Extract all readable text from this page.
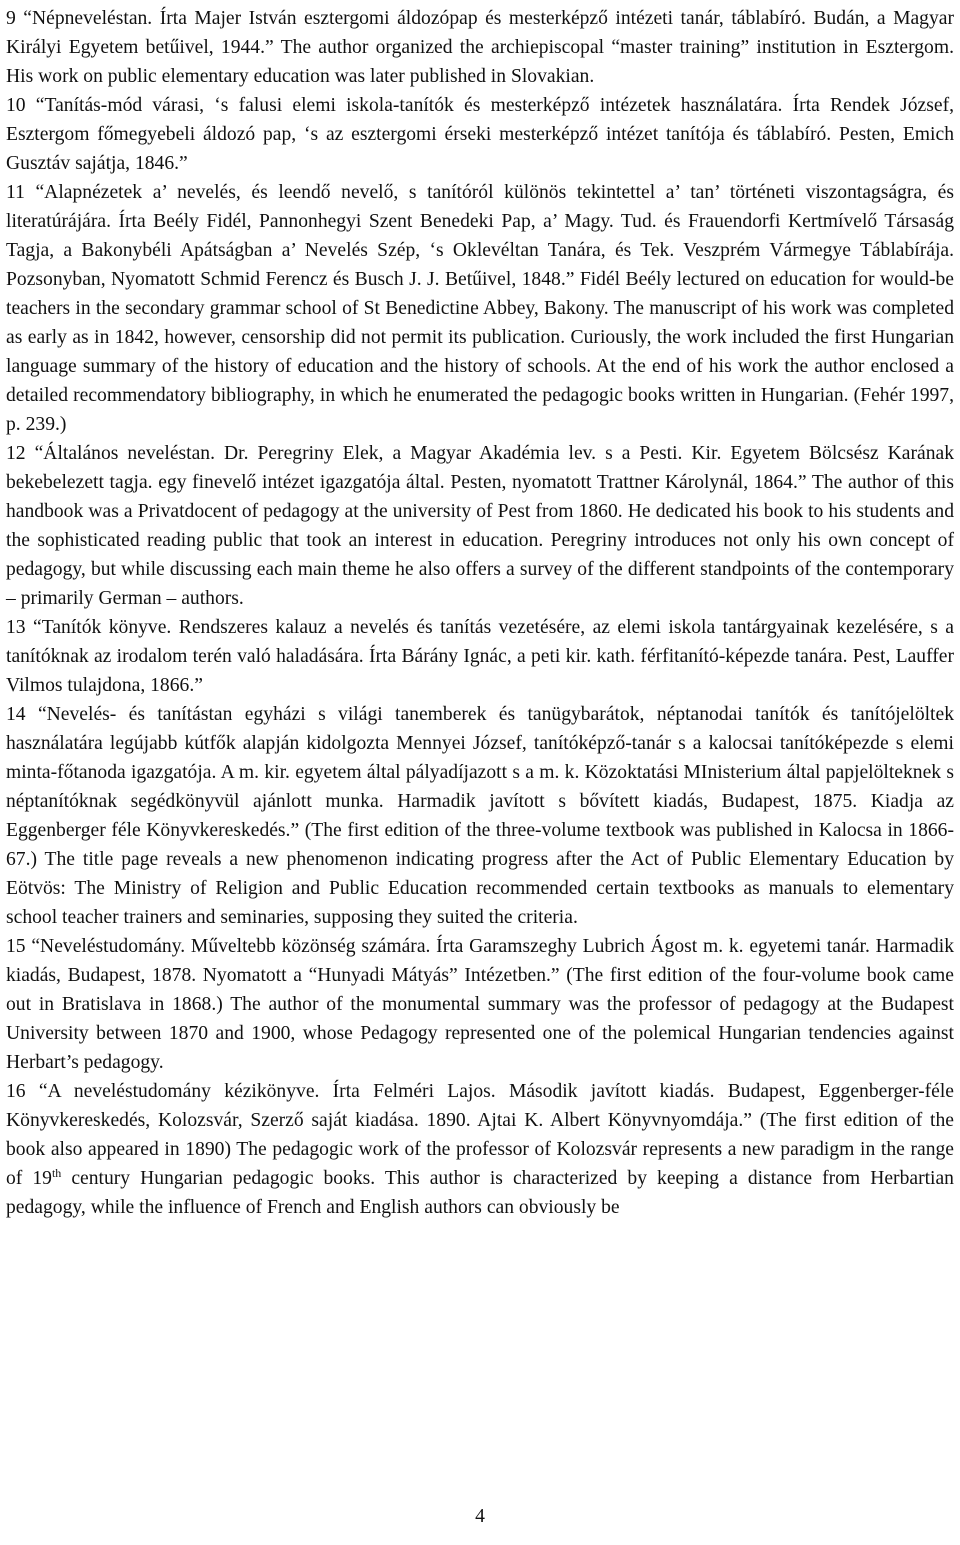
9 “Népneveléstan. Írta Majer István esztergomi áldozópap és mesterképző intézeti tanár, táblabíró. Budán, a Magyar Királyi Egyetem betűivel, 1944.” The author organized the archiepiscopal “master training” institution in Esztergom. His work on public elementary education was later published in Slovakian.

10 “Tanítás-mód várasi, ‘s falusi elemi iskola-tanítók és mesterképző intézetek használatára. Írta Rendek József, Esztergom főmegyebeli áldozó pap, ‘s az esztergomi érseki mesterképző intézet tanítója és táblabíró. Pesten, Emich Gusztáv sajátja, 1846.”

11 “Alapnézetek a’ nevelés, és leendő nevelő, s tanítóról különös tekintettel a’ tan’ történeti viszontagságra, és literatúrájára. Írta Beély Fidél, Pannonhegyi Szent Benedeki Pap, a’ Magy. Tud. és Frauendorfi Kertmívelő Társaság Tagja, a Bakonybéli Apátságban a’ Nevelés Szép, ‘s Oklevéltan Tanára, és Tek. Veszprém Vármegye Táblabírája. Pozsonyban, Nyomatott Schmid Ferencz és Busch J. J. Betűivel, 1848.” Fidél Beély lectured on education for would-be teachers in the secondary grammar school of St Benedictine Abbey, Bakony. The manuscript of his work was completed as early as in 1842, however, censorship did not permit its publication. Curiously, the work included the first Hungarian language summary of the history of education and the history of schools. At the end of his work the author enclosed a detailed recommendatory bibliography, in which he enumerated the pedagogic books written in Hungarian. (Fehér 1997, p. 239.)

12 “Általános neveléstan. Dr. Peregriny Elek, a Magyar Akadémia lev. s a Pesti. Kir. Egyetem Bölcsész Karának bekebelezett tagja. egy finevelő intézet igazgatója által. Pesten, nyomatott Trattner Károlynál, 1864.” The author of this handbook was a Privatdocent of pedagogy at the university of Pest from 1860. He dedicated his book to his students and the sophisticated reading public that took an interest in education. Peregriny introduces not only his own concept of pedagogy, but while discussing each main theme he also offers a survey of the different standpoints of the contemporary – primarily German – authors.

13 “Tanítók könyve. Rendszeres kalauz a nevelés és tanítás vezetésére, az elemi iskola tantárgyainak kezelésére, s a tanítóknak az irodalom terén való haladására. Írta Bárány Ignác, a peti kir. kath. férfitanító-képezde tanára. Pest, Lauffer Vilmos tulajdona, 1866.”

14 “Nevelés- és tanítástan egyházi s világi tanemberek és tanügybarátok, néptanodai tanítók és tanítójelöltek használatára legújabb kútfők alapján kidolgozta Mennyei József, tanítóképző-tanár s a kalocsai tanítóképezde s elemi minta-főtanoda igazgatója. A m. kir. egyetem által pályadíjazott s a m. k. Közoktatási MInisterium által papjelölteknek s néptanítóknak segédkönyvül ajánlott munka. Harmadik javított s bővített kiadás, Budapest, 1875. Kiadja az Eggenberger féle Könyvkereskedés.” (The first edition of the three-volume textbook was published in Kalocsa in 1866-67.) The title page reveals a new phenomenon indicating progress after the Act of Public Elementary Education by Eötvös: The Ministry of Religion and Public Education recommended certain textbooks as manuals to elementary school teacher trainers and seminaries, supposing they suited the criteria.

15 “Neveléstudomány. Műveltebb közönség számára. Írta Garamszeghy Lubrich Ágost m. k. egyetemi tanár. Harmadik kiadás, Budapest, 1878. Nyomatott a “Hunyadi Mátyás” Intézetben.” (The first edition of the four-volume book came out in Bratislava in 1868.) The author of the monumental summary was the professor of pedagogy at the Budapest University between 1870 and 1900, whose Pedagogy represented one of the polemical Hungarian tendencies against Herbart’s pedagogy.

16 “A neveléstudomány kézikönyve. Írta Felméri Lajos. Második javított kiadás. Budapest, Eggenberger-féle Könyvkereskedés, Kolozsvár, Szerző saját kiadása. 1890. Ajtai K. Albert Könyvnyomdája.” (The first edition of the book also appeared in 1890) The pedagogic work of the professor of Kolozsvár represents a new paradigm in the range of 19th century Hungarian pedagogic books. This author is characterized by keeping a distance from Herbartian pedagogy, while the influence of French and English authors can obviously be

4
